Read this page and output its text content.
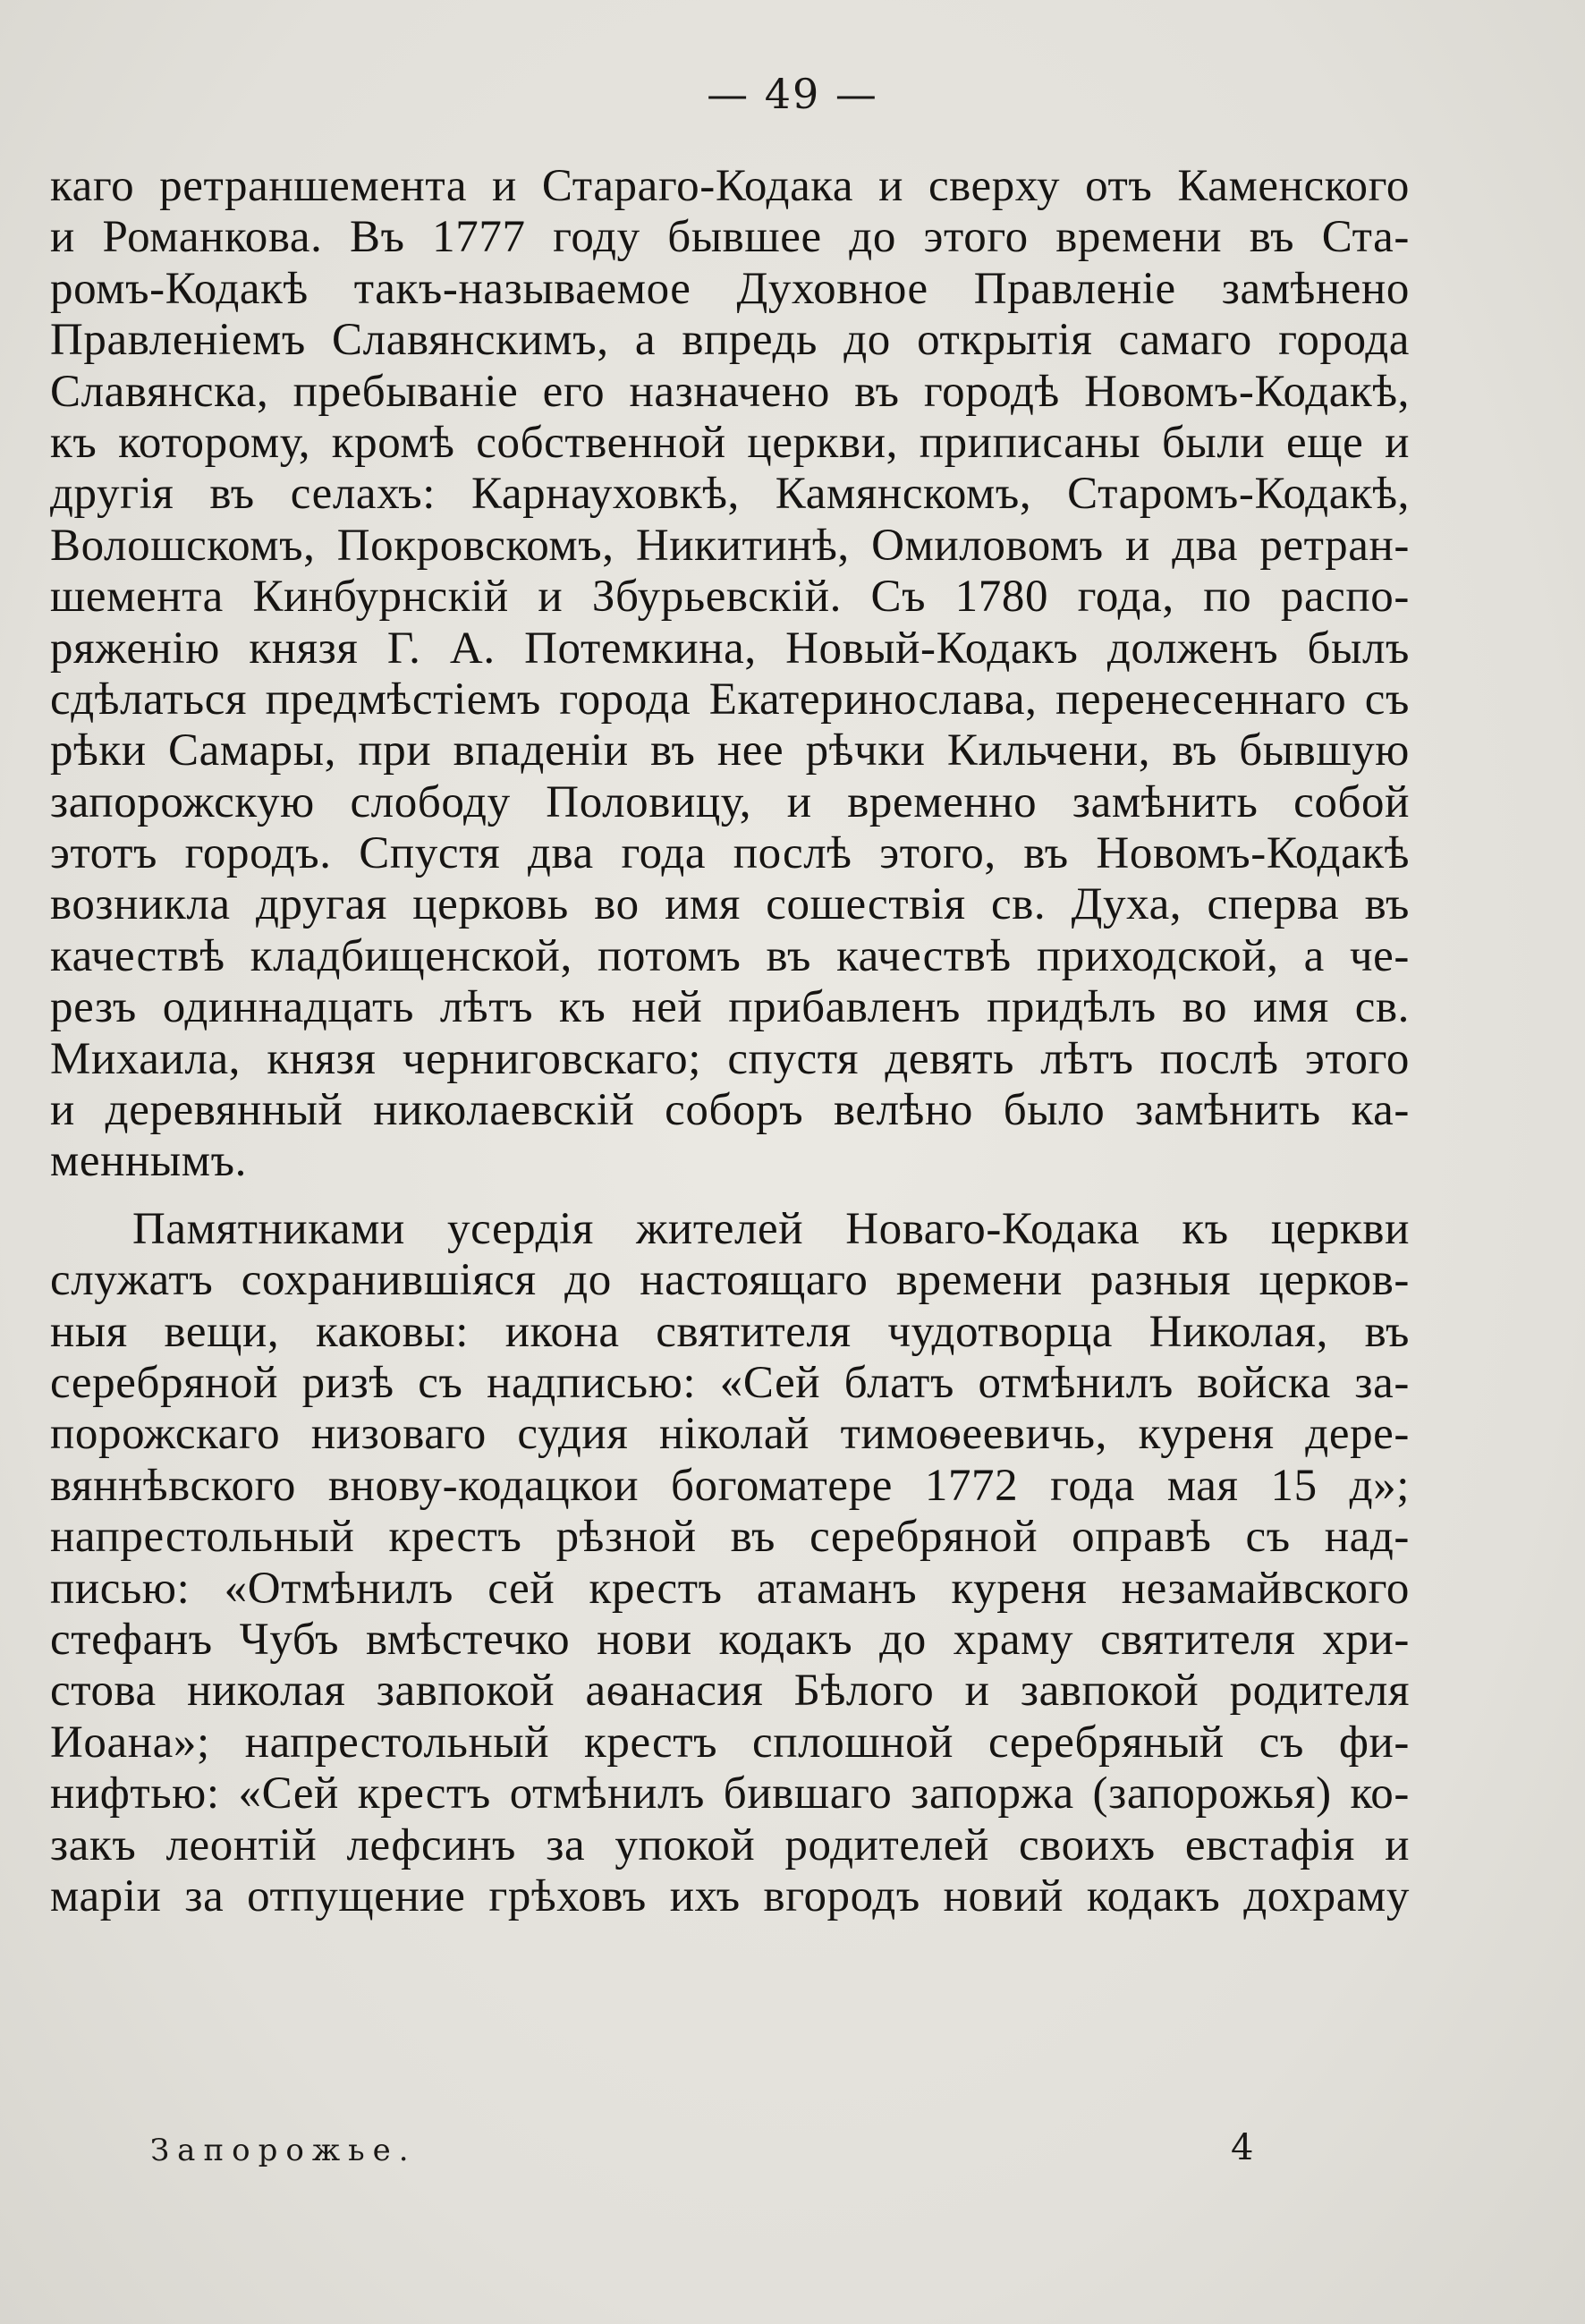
— 49 —
каго ретраншемента и Стараго-Кодака и сверху отъ Каменского
и Романкова. Въ 1777 году бывшее до этого времени въ Ста-
ромъ-Кодакѣ такъ-называемое Духовное Правленіе замѣнено
Правленіемъ Славянскимъ, а впредь до открытія самаго города
Славянска, пребываніе его назначено въ городѣ Новомъ-Кодакѣ,
къ которому, кромѣ собственной церкви, приписаны были еще и
другія въ селахъ: Карнауховкѣ, Камянскомъ, Старомъ-Кодакѣ,
Волошскомъ, Покровскомъ, Никитинѣ, Омиловомъ и два ретран-
шемента Кинбурнскій и Збурьевскій. Съ 1780 года, по распо-
ряженію князя Г. А. Потемкина, Новый-Кодакъ долженъ былъ
сдѣлаться предмѣстіемъ города Екатеринослава, перенесеннаго съ
рѣки Самары, при впаденіи въ нее рѣчки Кильчени, въ бывшую
запорожскую слободу Половицу, и временно замѣнить собой
этотъ городъ. Спустя два года послѣ этого, въ Новомъ-Кодакѣ
возникла другая церковь во имя сошествія св. Духа, сперва въ
качествѣ кладбищенской, потомъ въ качествѣ приходской, а че-
резъ одиннадцать лѣтъ къ ней прибавленъ придѣлъ во имя св.
Михаила, князя черниговскаго; спустя девять лѣтъ послѣ этого
и деревянный николаевскій соборъ велѣно было замѣнить ка-
меннымъ.
Памятниками усердія жителей Новаго-Кодака къ церкви
служатъ сохранившіяся до настоящаго времени разныя церков-
ныя вещи, каковы: икона святителя чудотворца Николая, въ
серебряной ризѣ съ надписью: «Сей блатъ отмѣнилъ войска за-
порожскаго низоваго судия ніколай тимоѳеевичь, куреня дере-
вяннѣвского внову-кодацкои богоматере 1772 года мая 15 д»;
напрестольный крестъ рѣзной въ серебряной оправѣ съ над-
писью: «Отмѣнилъ сей крестъ атаманъ куреня незамайвского
стефанъ Чубъ вмѣстечко нови кодакъ до храму святителя хри-
стова николая завпокой аѳанасия Бѣлого и завпокой родителя
Иоана»; напрестольный крестъ сплошной серебряный съ фи-
нифтью: «Сей крестъ отмѣнилъ бившаго запоржа (запорожья) ко-
закъ леонтій лефсинъ за упокой родителей своихъ евстафія и
маріи за отпущение грѣховъ ихъ вгородъ новий кодакъ дохраму
Запорожье.	4
